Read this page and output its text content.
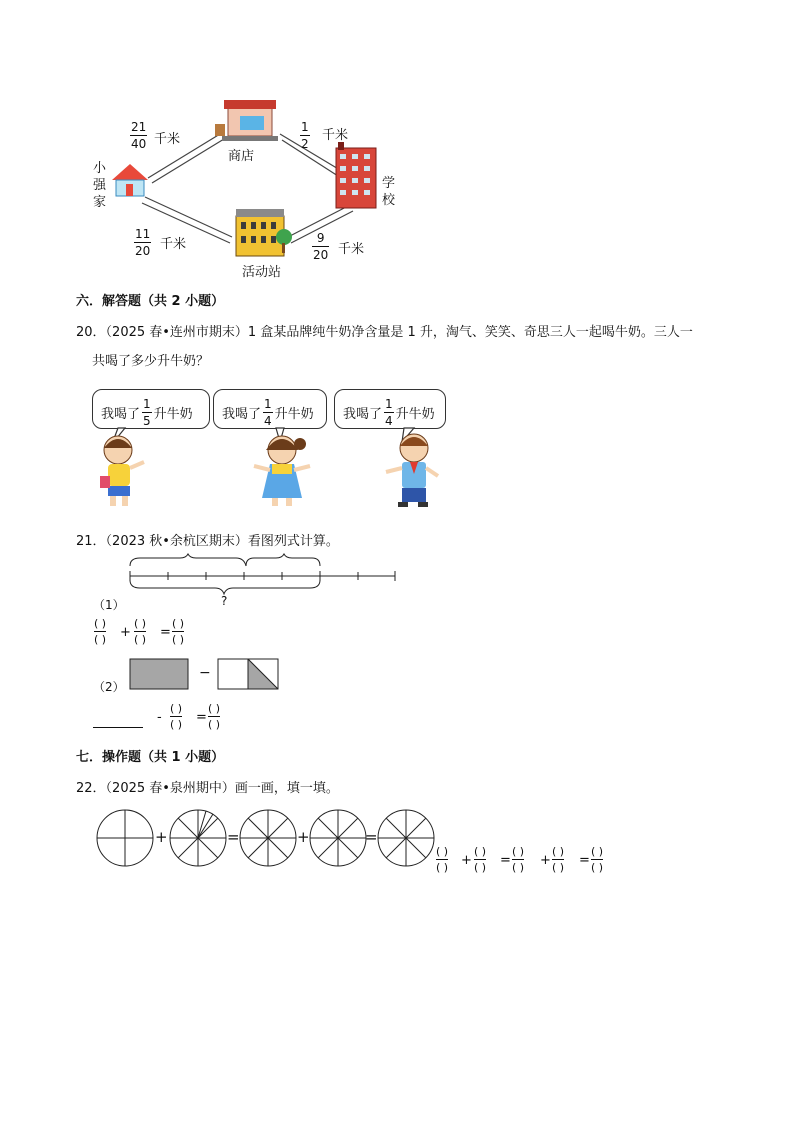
小
强
家
商店
学
校
活动站
21
40 千米
1
2
千米
11
20 千米	9
20 千米
六．解答题（共 2 小题）
20．（2025 春•连州市期末）1 盒某品牌纯牛奶净含量是 1 升，淘气、笑笑、奇思三人一起喝牛奶。三人一
共喝了多少升牛奶？
我喝了 $\frac{1}{5}$ 升牛奶 我喝了 $\frac{1}{4}$ 升牛奶 我喝了 $\frac{1}{4}$ 升牛奶
21．（2023 秋•余杭区期末）看图列式计算。
?
（1）
( )
( ) +
( )
( ) =
( )
( )
（2）
−
-
( )
( ) =
( )
( )
七．操作题（共 1 小题）
22．（2025 春•泉州期中）画一画，填一填。
+	=	+	=
( )
( ) +
( )
( ) =
( )
( ) +
( )
( ) =
( )
( )
